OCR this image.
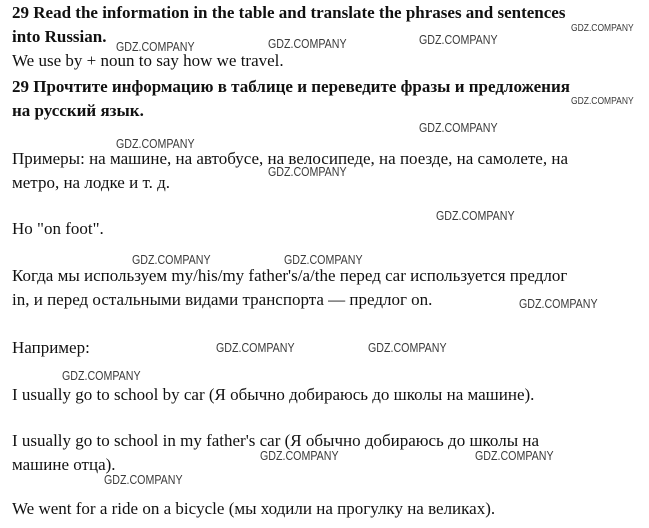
29 Read the information in the table and translate the phrases and sentences
into Russian.
We use by + noun to say how we travel.
29 Прочтите информацию в таблице и переведите фразы и предложения
на русский язык.
Примеры: на машине, на автобусе, на велосипеде, на поезде, на самолете, на
метро, на лодке и т. д.
Но "on foot".
Когда мы используем my/his/my father's/a/the перед car используется предлог
in, и перед остальными видами транспорта — предлог on.
Например:
I usually go to school by car (Я обычно добираюсь до школы на машине).
I usually go to school in my father's car (Я обычно добираюсь до школы на
машине отца).
We went for a ride on a bicycle (мы ходили на прогулку на великах).
GDZ.COMPANY
GDZ.COMPANY	GDZ.COMPANY	GDZ.COMPANY
GDZ.COMPANY
GDZ.COMPANY
GDZ.COMPANY
GDZ.COMPANY
GDZ.COMPANY
GDZ.COMPANY	GDZ.COMPANY
GDZ.COMPANY
GDZ.COMPANY	GDZ.COMPANY
GDZ.COMPANY
GDZ.COMPANY	GDZ.COMPANY
GDZ.COMPANY
